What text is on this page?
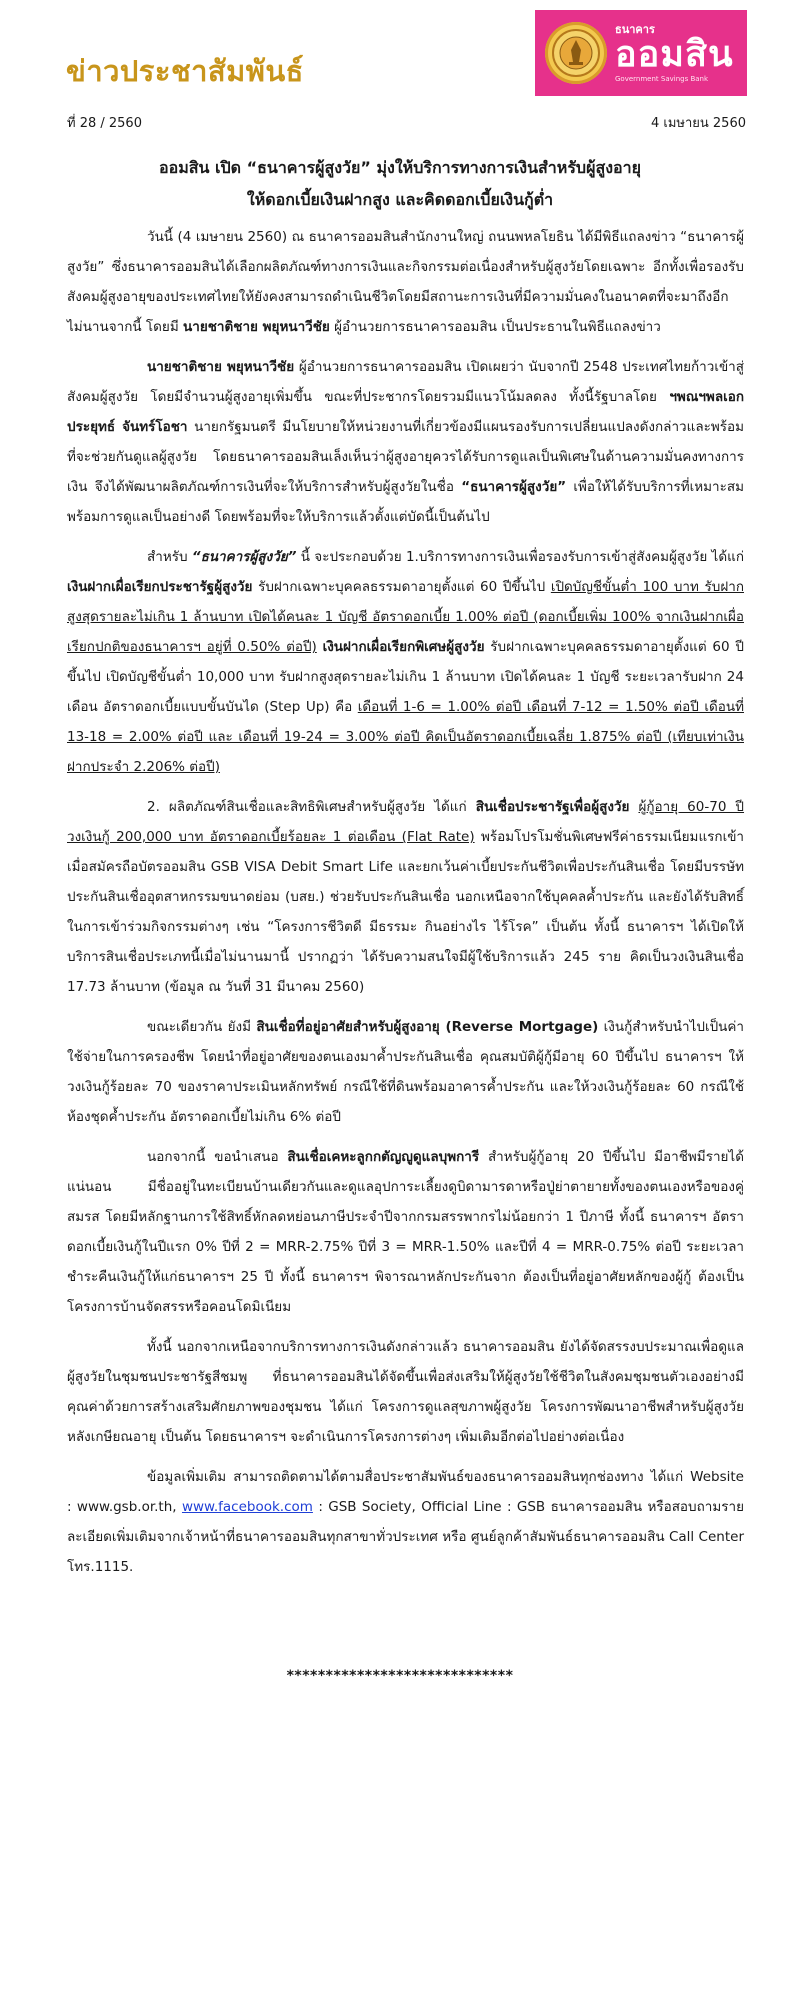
ข่าวประชาสัมพันธ์
ธนาคาร
ออมสิน
Government Savings Bank
ที่ 28 / 2560	4 เมษายน 2560
ออมสิน เปิด “ธนาคารผู้สูงวัย” มุ่งให้บริการทางการเงินสำหรับผู้สูงอายุ
ให้ดอกเบี้ยเงินฝากสูง และคิดดอกเบี้ยเงินกู้ต่ำ

วันนี้ (4 เมษายน 2560) ณ ธนาคารออมสินสำนักงานใหญ่ ถนนพหลโยธิน ได้มีพิธีแถลงข่าว “ธนาคารผู้สูงวัย” ซึ่งธนาคารออมสินได้เลือกผลิตภัณฑ์ทางการเงินและกิจกรรมต่อเนื่องสำหรับผู้สูงวัยโดยเฉพาะ อีกทั้งเพื่อรองรับสังคมผู้สูงอายุของประเทศไทยให้ยังคงสามารถดำเนินชีวิตโดยมีสถานะการเงินที่มีความมั่นคงในอนาคตที่จะมาถึงอีกไม่นานจากนี้ โดยมี นายชาติชาย พยุหนาวีชัย ผู้อำนวยการธนาคารออมสิน เป็นประธานในพิธีแถลงข่าว

นายชาติชาย พยุหนาวีชัย ผู้อำนวยการธนาคารออมสิน เปิดเผยว่า นับจากปี 2548 ประเทศไทยก้าวเข้าสู่สังคมผู้สูงวัย โดยมีจำนวนผู้สูงอายุเพิ่มขึ้น ขณะที่ประชากรโดยรวมมีแนวโน้มลดลง ทั้งนี้รัฐบาลโดย ฯพณฯพลเอกประยุทธ์ จันทร์โอชา นายกรัฐมนตรี มีนโยบายให้หน่วยงานที่เกี่ยวข้องมีแผนรองรับการเปลี่ยนแปลงดังกล่าวและพร้อมที่จะช่วยกันดูแลผู้สูงวัย โดยธนาคารออมสินเล็งเห็นว่าผู้สูงอายุควรได้รับการดูแลเป็นพิเศษในด้านความมั่นคงทางการเงิน จึงได้พัฒนาผลิตภัณฑ์การเงินที่จะให้บริการสำหรับผู้สูงวัยในชื่อ “ธนาคารผู้สูงวัย” เพื่อให้ได้รับบริการที่เหมาะสมพร้อมการดูแลเป็นอย่างดี โดยพร้อมที่จะให้บริการแล้วตั้งแต่บัดนี้เป็นต้นไป

สำหรับ “ธนาคารผู้สูงวัย” นี้ จะประกอบด้วย 1.บริการทางการเงินเพื่อรองรับการเข้าสู่สังคมผู้สูงวัย ได้แก่ เงินฝากเผื่อเรียกประชารัฐผู้สูงวัย รับฝากเฉพาะบุคคลธรรมดาอายุตั้งแต่ 60 ปีขึ้นไป เปิดบัญชีขั้นต่ำ 100 บาท รับฝากสูงสุดรายละไม่เกิน 1 ล้านบาท เปิดได้คนละ 1 บัญชี อัตราดอกเบี้ย 1.00% ต่อปี (ดอกเบี้ยเพิ่ม 100% จากเงินฝากเผื่อเรียกปกติของธนาคารฯ อยู่ที่ 0.50% ต่อปี) เงินฝากเผื่อเรียกพิเศษผู้สูงวัย รับฝากเฉพาะบุคคลธรรมดาอายุตั้งแต่ 60 ปีขึ้นไป เปิดบัญชีขั้นต่ำ 10,000 บาท รับฝากสูงสุดรายละไม่เกิน 1 ล้านบาท เปิดได้คนละ 1 บัญชี ระยะเวลารับฝาก 24 เดือน อัตราดอกเบี้ยแบบขั้นบันได (Step Up) คือ เดือนที่ 1-6 = 1.00% ต่อปี เดือนที่ 7-12 = 1.50% ต่อปี เดือนที่ 13-18 = 2.00% ต่อปี และ เดือนที่ 19-24 = 3.00% ต่อปี คิดเป็นอัตราดอกเบี้ยเฉลี่ย 1.875% ต่อปี (เทียบเท่าเงินฝากประจำ 2.206% ต่อปี)

2. ผลิตภัณฑ์สินเชื่อและสิทธิพิเศษสำหรับผู้สูงวัย ได้แก่ สินเชื่อประชารัฐเพื่อผู้สูงวัย ผู้กู้อายุ 60-70 ปี วงเงินกู้ 200,000 บาท อัตราดอกเบี้ยร้อยละ 1 ต่อเดือน (Flat Rate) พร้อมโปรโมชั่นพิเศษฟรีค่าธรรมเนียมแรกเข้าเมื่อสมัครถือบัตรออมสิน GSB VISA Debit Smart Life และยกเว้นค่าเบี้ยประกันชีวิตเพื่อประกันสินเชื่อ โดยมีบรรษัทประกันสินเชื่ออุตสาหกรรมขนาดย่อม (บสย.) ช่วยรับประกันสินเชื่อ นอกเหนือจากใช้บุคคลค้ำประกัน และยังได้รับสิทธิ์ในการเข้าร่วมกิจกรรมต่างๆ เช่น “โครงการชีวิตดี มีธรรมะ กินอย่างไร ไร้โรค” เป็นต้น ทั้งนี้ ธนาคารฯ ได้เปิดให้บริการสินเชื่อประเภทนี้เมื่อไม่นานมานี้ ปรากฏว่า ได้รับความสนใจมีผู้ใช้บริการแล้ว 245 ราย คิดเป็นวงเงินสินเชื่อ 17.73 ล้านบาท (ข้อมูล ณ วันที่ 31 มีนาคม 2560)

ขณะเดียวกัน ยังมี สินเชื่อที่อยู่อาศัยสำหรับผู้สูงอายุ (Reverse Mortgage) เงินกู้สำหรับนำไปเป็นค่าใช้จ่ายในการครองชีพ โดยนำที่อยู่อาศัยของตนเองมาค้ำประกันสินเชื่อ คุณสมบัติผู้กู้มีอายุ 60 ปีขึ้นไป ธนาคารฯ ให้วงเงินกู้ร้อยละ 70 ของราคาประเมินหลักทรัพย์ กรณีใช้ที่ดินพร้อมอาคารค้ำประกัน และให้วงเงินกู้ร้อยละ 60 กรณีใช้ห้องชุดค้ำประกัน อัตราดอกเบี้ยไม่เกิน 6% ต่อปี

นอกจากนี้ ขอนำเสนอ สินเชื่อเคหะลูกกตัญญูดูแลบุพการี สำหรับผู้กู้อายุ 20 ปีขึ้นไป มีอาชีพมีรายได้แน่นอน มีชื่ออยู่ในทะเบียนบ้านเดียวกันและดูแลอุปการะเลี้ยงดูบิดามารดาหรือปู่ย่าตายายทั้งของตนเองหรือของคู่สมรส โดยมีหลักฐานการใช้สิทธิ์หักลดหย่อนภาษีประจำปีจากกรมสรรพากรไม่น้อยกว่า 1 ปีภาษี ทั้งนี้ ธนาคารฯ อัตราดอกเบี้ยเงินกู้ในปีแรก 0% ปีที่ 2 = MRR-2.75% ปีที่ 3 = MRR-1.50% และปีที่ 4 = MRR-0.75% ต่อปี ระยะเวลาชำระคืนเงินกู้ให้แก่ธนาคารฯ 25 ปี ทั้งนี้ ธนาคารฯ พิจารณาหลักประกันจาก ต้องเป็นที่อยู่อาศัยหลักของผู้กู้ ต้องเป็นโครงการบ้านจัดสรรหรือคอนโดมิเนียม

ทั้งนี้ นอกจากเหนือจากบริการทางการเงินดังกล่าวแล้ว ธนาคารออมสิน ยังได้จัดสรรงบประมาณเพื่อดูแลผู้สูงวัยในชุมชนประชารัฐสีชมพู ที่ธนาคารออมสินได้จัดขึ้นเพื่อส่งเสริมให้ผู้สูงวัยใช้ชีวิตในสังคมชุมชนตัวเองอย่างมีคุณค่าด้วยการสร้างเสริมศักยภาพของชุมชน ได้แก่ โครงการดูแลสุขภาพผู้สูงวัย โครงการพัฒนาอาชีพสำหรับผู้สูงวัยหลังเกษียณอายุ เป็นต้น โดยธนาคารฯ จะดำเนินการโครงการต่างๆ เพิ่มเติมอีกต่อไปอย่างต่อเนื่อง

ข้อมูลเพิ่มเติม สามารถติดตามได้ตามสื่อประชาสัมพันธ์ของธนาคารออมสินทุกช่องทาง ได้แก่ Website : www.gsb.or.th, www.facebook.com : GSB Society, Official Line : GSB ธนาคารออมสิน หรือสอบถามรายละเอียดเพิ่มเติมจากเจ้าหน้าที่ธนาคารออมสินทุกสาขาทั่วประเทศ หรือ ศูนย์ลูกค้าสัมพันธ์ธนาคารออมสิน Call Center โทร.1115.

*****************************
